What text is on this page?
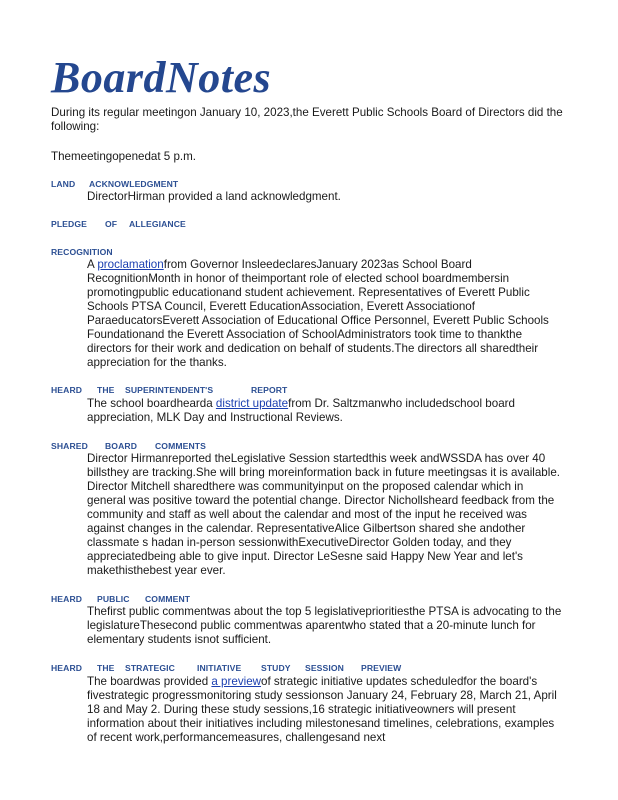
BoardNotes

During its regular meetingon January 10, 2023,the Everett Public Schools Board of Directors did the following:

Themeetingopenedat 5 p.m.

LAND ACKNOWLEDGMENT

DirectorHirman provided a land acknowledgment.

PLEDGE OF ALLEGIANCE
RECOGNITION

A proclamationfrom Governor InsleedeclaresJanuary 2023as School Board RecognitionMonth in honor of theimportant role of elected school boardmembersin promotingpublic educationand student achievement. Representatives of Everett Public Schools PTSA Council, Everett EducationAssociation, Everett Associationof ParaeducatorsEverett Association of Educational Office Personnel, Everett Public Schools Foundationand the Everett Association of SchoolAdministrators took time to thankthe directors for their work and dedication on behalf of students.The directors all sharedtheir appreciation for the thanks.

HEARD THE SUPERINTENDENT'S	REPORT

The school boardhearda district updatefrom Dr. Saltzmanwho includedschool board appreciation, MLK Day and Instructional Reviews.

SHARED BOARD COMMENTS

Director Hirmanreported theLegislative Session startedthis week andWSSDA has over 40 billsthey are tracking.She will bring moreinformation back in future meetingsas it is available. Director Mitchell sharedthere was communityinput on the proposed calendar which in general was positive toward the potential change. Director Nichollsheard feedback from the community and staff as well about the calendar and most of the input he received was against changes in the calendar. RepresentativeAlice Gilbertson shared she andother classmate s hadan in-person sessionwithExecutiveDirector Golden today, and they appreciatedbeing able to give input. Director LeSesne said Happy New Year and let's makethisthebest year ever.

HEARD PUBLIC COMMENT

Thefirst public commentwas about the top 5 legislativeprioritiesthe PTSA is advocating to the legislatureThesecond public commentwas aparentwho stated that a 20-minute lunch for elementary students isnot sufficient.

HEARD THE STRATEGIC	INITIATIVE STUDY SESSION PREVIEW

The boardwas provided a previewof strategic initiative updates scheduledfor the board's fivestrategic progressmonitoring study sessionson January 24, February 28, March 21, April 18 and May 2. During these study sessions,16 strategic initiativeowners will present information about their initiatives including milestonesand timelines, celebrations, examples of recent work,performancemeasures, challengesand next
